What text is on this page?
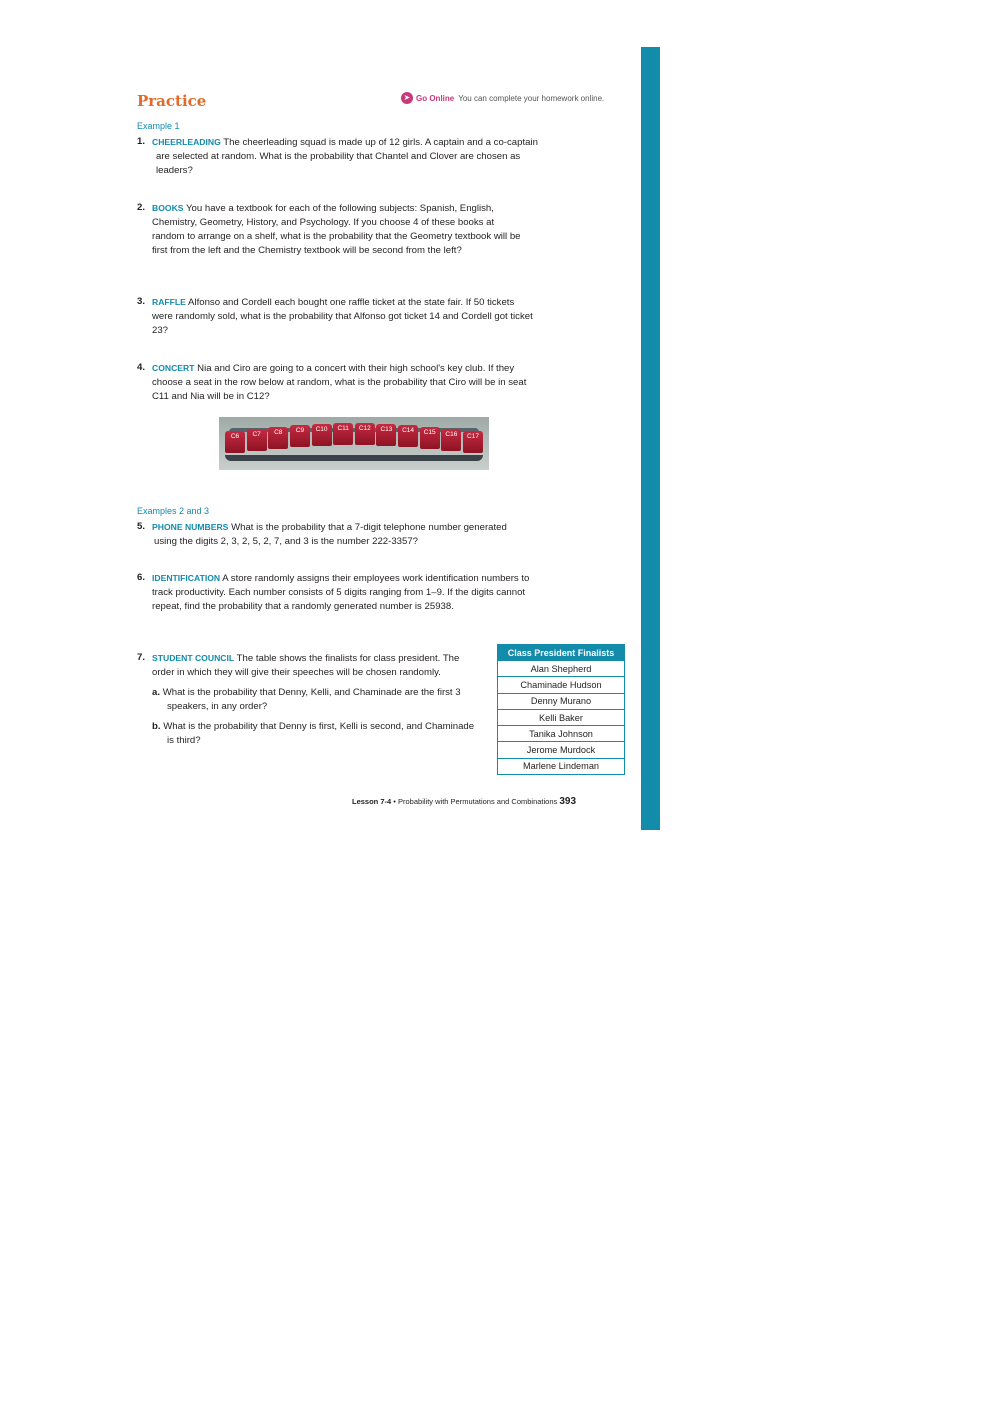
Practice	➤ Go Online You can complete your homework online.
Example 1
1. CHEERLEADING The cheerleading squad is made up of 12 girls. A captain and a co-captain are selected at random. What is the probability that Chantel and Clover are chosen as leaders?
2. BOOKS You have a textbook for each of the following subjects: Spanish, English, Chemistry, Geometry, History, and Psychology. If you choose 4 of these books at random to arrange on a shelf, what is the probability that the Geometry textbook will be first from the left and the Chemistry textbook will be second from the left?
3. RAFFLE Alfonso and Cordell each bought one raffle ticket at the state fair. If 50 tickets were randomly sold, what is the probability that Alfonso got ticket 14 and Cordell got ticket 23?
4. CONCERT Nia and Ciro are going to a concert with their high school's key club. If they choose a seat in the row below at random, what is the probability that Ciro will be in seat C11 and Nia will be in C12?
C6	C7	C8	C9	C10	C11	C12	C13	C14	C15	C16	C17
Examples 2 and 3
5. PHONE NUMBERS What is the probability that a 7-digit telephone number generated using the digits 2, 3, 2, 5, 2, 7, and 3 is the number 222-3357?
6. IDENTIFICATION A store randomly assigns their employees work identification numbers to track productivity. Each number consists of 5 digits ranging from 1–9. If the digits cannot repeat, find the probability that a randomly generated number is 25938.
7. STUDENT COUNCIL The table shows the finalists for class president. The order in which they will give their speeches will be chosen randomly.
a. What is the probability that Denny, Kelli, and Chaminade are the first 3 speakers, in any order?
b. What is the probability that Denny is first, Kelli is second, and Chaminade is third?
Class President Finalists
Alan Shepherd
Chaminade Hudson
Denny Murano
Kelli Baker
Tanika Johnson
Jerome Murdock
Marlene Lindeman
Lesson 7-4 • Probability with Permutations and Combinations 393
